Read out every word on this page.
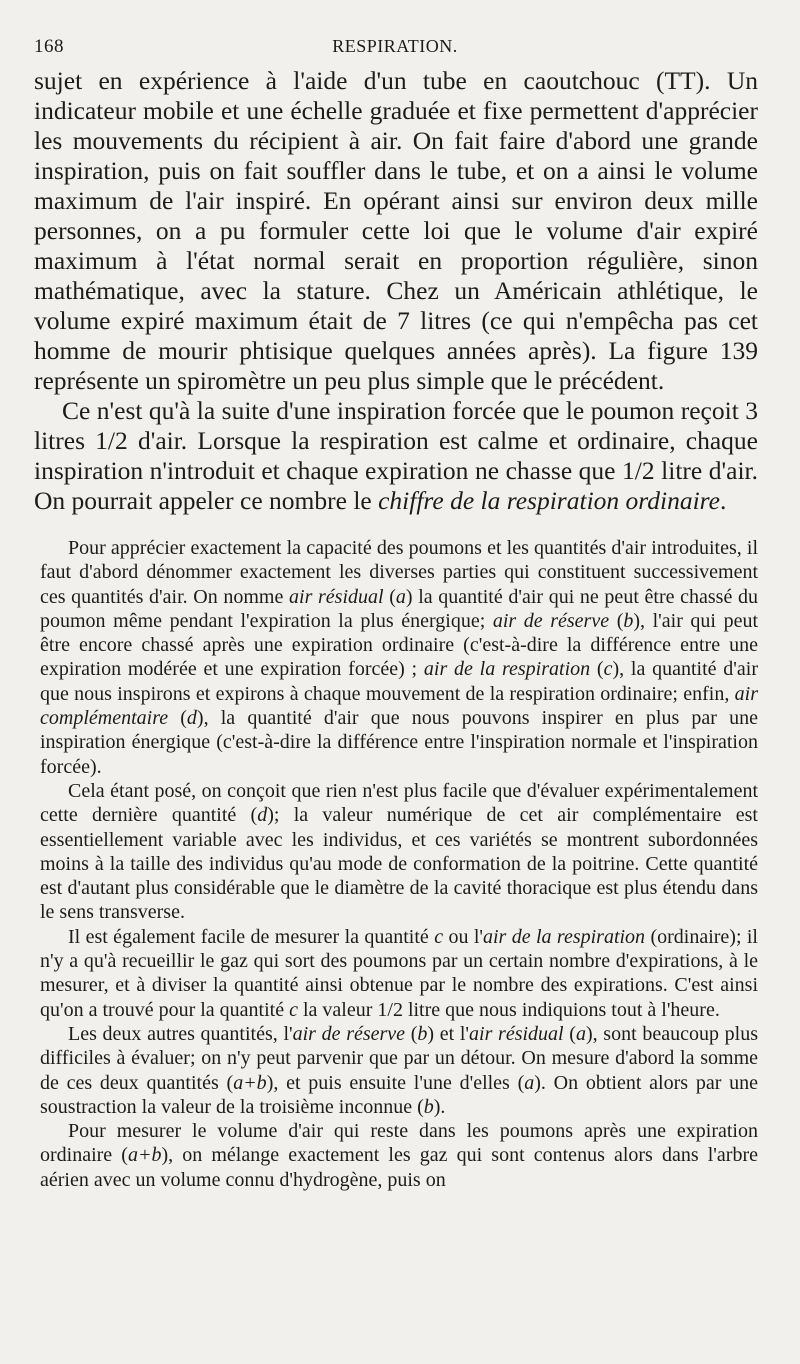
168	RESPIRATION.

sujet en expérience à l'aide d'un tube en caoutchouc (TT). Un indicateur mobile et une échelle graduée et fixe permettent d'apprécier les mouvements du récipient à air. On fait faire d'abord une grande inspiration, puis on fait souffler dans le tube, et on a ainsi le volume maximum de l'air inspiré. En opérant ainsi sur environ deux mille personnes, on a pu formuler cette loi que le volume d'air expiré maximum à l'état normal serait en proportion régulière, sinon mathématique, avec la stature. Chez un Américain athlétique, le volume expiré maximum était de 7 litres (ce qui n'empêcha pas cet homme de mourir phtisique quelques années après). La figure 139 représente un spiromètre un peu plus simple que le précédent.

Ce n'est qu'à la suite d'une inspiration forcée que le poumon reçoit 3 litres 1/2 d'air. Lorsque la respiration est calme et ordinaire, chaque inspiration n'introduit et chaque expiration ne chasse que 1/2 litre d'air. On pourrait appeler ce nombre le chiffre de la respiration ordinaire.

Pour apprécier exactement la capacité des poumons et les quantités d'air introduites, il faut d'abord dénommer exactement les diverses parties qui constituent successivement ces quantités d'air. On nomme air résidual (a) la quantité d'air qui ne peut être chassé du poumon même pendant l'expiration la plus énergique; air de réserve (b), l'air qui peut être encore chassé après une expiration ordinaire (c'est-à-dire la différence entre une expiration modérée et une expiration forcée) ; air de la respiration (c), la quantité d'air que nous inspirons et expirons à chaque mouvement de la respiration ordinaire; enfin, air complémentaire (d), la quantité d'air que nous pouvons inspirer en plus par une inspiration énergique (c'est-à-dire la différence entre l'inspiration normale et l'inspiration forcée).

Cela étant posé, on conçoit que rien n'est plus facile que d'évaluer expérimentalement cette dernière quantité (d); la valeur numérique de cet air complémentaire est essentiellement variable avec les individus, et ces variétés se montrent subordonnées moins à la taille des individus qu'au mode de conformation de la poitrine. Cette quantité est d'autant plus considérable que le diamètre de la cavité thoracique est plus étendu dans le sens transverse.

Il est également facile de mesurer la quantité c ou l'air de la respiration (ordinaire); il n'y a qu'à recueillir le gaz qui sort des poumons par un certain nombre d'expirations, à le mesurer, et à diviser la quantité ainsi obtenue par le nombre des expirations. C'est ainsi qu'on a trouvé pour la quantité c la valeur 1/2 litre que nous indiquions tout à l'heure.

Les deux autres quantités, l'air de réserve (b) et l'air résidual (a), sont beaucoup plus difficiles à évaluer; on n'y peut parvenir que par un détour. On mesure d'abord la somme de ces deux quantités (a+b), et puis ensuite l'une d'elles (a). On obtient alors par une soustraction la valeur de la troisième inconnue (b).

Pour mesurer le volume d'air qui reste dans les poumons après une expiration ordinaire (a+b), on mélange exactement les gaz qui sont contenus alors dans l'arbre aérien avec un volume connu d'hydrogène, puis on
